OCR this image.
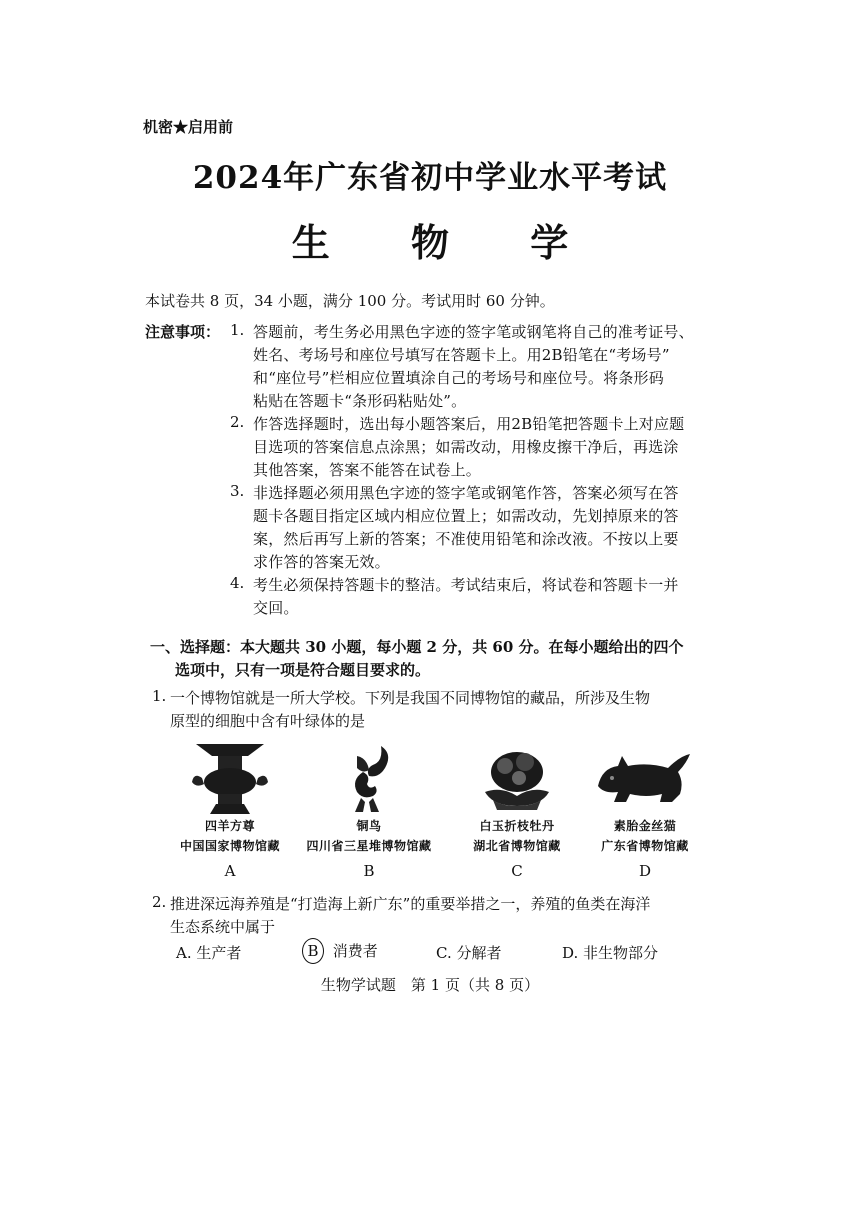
机密★启用前
2024年广东省初中学业水平考试
生 物 学
本试卷共 8 页，34 小题，满分 100 分。考试用时 60 分钟。
注意事项： 1. 答题前，考生务必用黑色字迹的签字笔或钢笔将自己的准考证号、
姓名、考场号和座位号填写在答题卡上。用2B铅笔在“考场号”
和“座位号”栏相应位置填涂自己的考场号和座位号。将条形码
粘贴在答题卡“条形码粘贴处”。
2. 作答选择题时，选出每小题答案后，用2B铅笔把答题卡上对应题
目选项的答案信息点涂黑；如需改动，用橡皮擦干净后，再选涂
其他答案，答案不能答在试卷上。
3. 非选择题必须用黑色字迹的签字笔或钢笔作答，答案必须写在答
题卡各题目指定区域内相应位置上；如需改动，先划掉原来的答
案，然后再写上新的答案；不准使用铅笔和涂改液。不按以上要
求作答的答案无效。
4. 考生必须保持答题卡的整洁。考试结束后，将试卷和答题卡一并
交回。
一、选择题：本大题共 30 小题，每小题 2 分，共 60 分。在每小题给出的四个
选项中，只有一项是符合题目要求的。
1. 一个博物馆就是一所大学校。下列是我国不同博物馆的藏品，所涉及生物
原型的细胞中含有叶绿体的是
四羊方尊
中国国家博物馆藏
A
铜鸟
四川省三星堆博物馆藏
B
白玉折枝牡丹
湖北省博物馆藏
C
素胎金丝猫
广东省博物馆藏
D
2. 推进深远海养殖是“打造海上新广东”的重要举措之一，养殖的鱼类在海洋
生态系统中属于
A. 生产者	B 消费者	C. 分解者	D. 非生物部分
生物学试题　第 1 页（共 8 页）
